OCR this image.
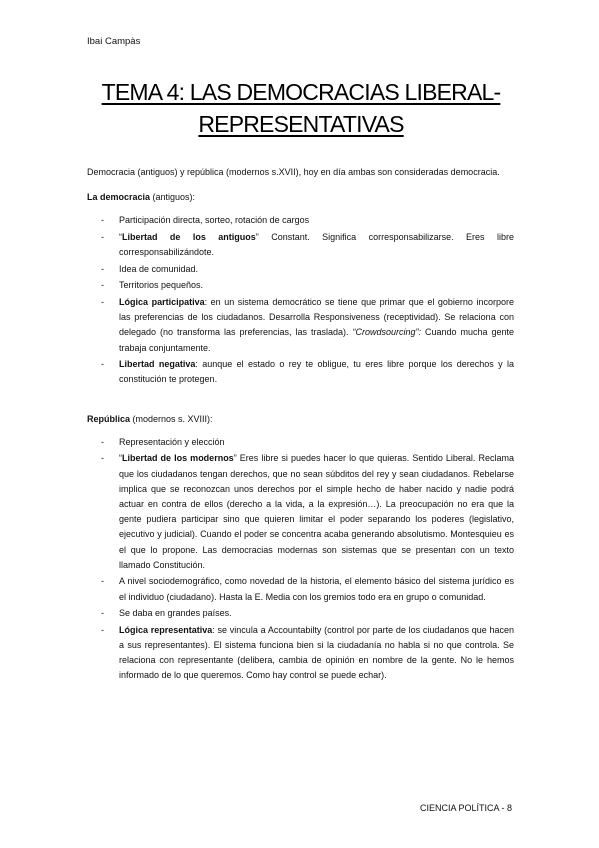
Ibai Campàs
TEMA 4: LAS DEMOCRACIAS LIBERAL-
REPRESENTATIVAS

Democracia (antiguos) y república (modernos s.XVII), hoy en día ambas son consideradas democracia.

La democracia (antiguos):
- Participación directa, sorteo, rotación de cargos
- “Libertad de los antiguos” Constant. Significa corresponsabilizarse. Eres libre corresponsabilizándote.
- Idea de comunidad.
- Territorios pequeños.
- Lógica participativa: en un sistema democrático se tiene que primar que el gobierno incorpore las preferencias de los ciudadanos. Desarrolla Responsiveness (receptividad). Se relaciona con delegado (no transforma las preferencias, las traslada). “Crowdsourcing”: Cuando mucha gente trabaja conjuntamente.
- Libertad negativa: aunque el estado o rey te obligue, tu eres libre porque los derechos y la constitución te protegen.
República (modernos s. XVIII):
- Representación y elección
- “Libertad de los modernos” Eres libre si puedes hacer lo que quieras. Sentido Liberal. Reclama que los ciudadanos tengan derechos, que no sean súbditos del rey y sean ciudadanos. Rebelarse implica que se reconozcan unos derechos por el simple hecho de haber nacido y nadie podrá actuar en contra de ellos (derecho a la vida, a la expresión…). La preocupación no era que la gente pudiera participar sino que quieren limitar el poder separando los poderes (legislativo, ejecutivo y judicial). Cuando el poder se concentra acaba generando absolutismo. Montesquieu es el que lo propone. Las democracias modernas son sistemas que se presentan con un texto llamado Constitución.
- A nivel sociodemográfico, como novedad de la historia, el elemento básico del sistema jurídico es el individuo (ciudadano). Hasta la E. Media con los gremios todo era en grupo o comunidad.
- Se daba en grandes países.
- Lógica representativa: se vincula a Accountabilty (control por parte de los ciudadanos que hacen a sus representantes). El sistema funciona bien si la ciudadanía no habla si no que controla. Se relaciona con representante (delibera, cambia de opinión en nombre de la gente. No le hemos informado de lo que queremos. Como hay control se puede echar).
CIENCIA POLÍTICA - 8
